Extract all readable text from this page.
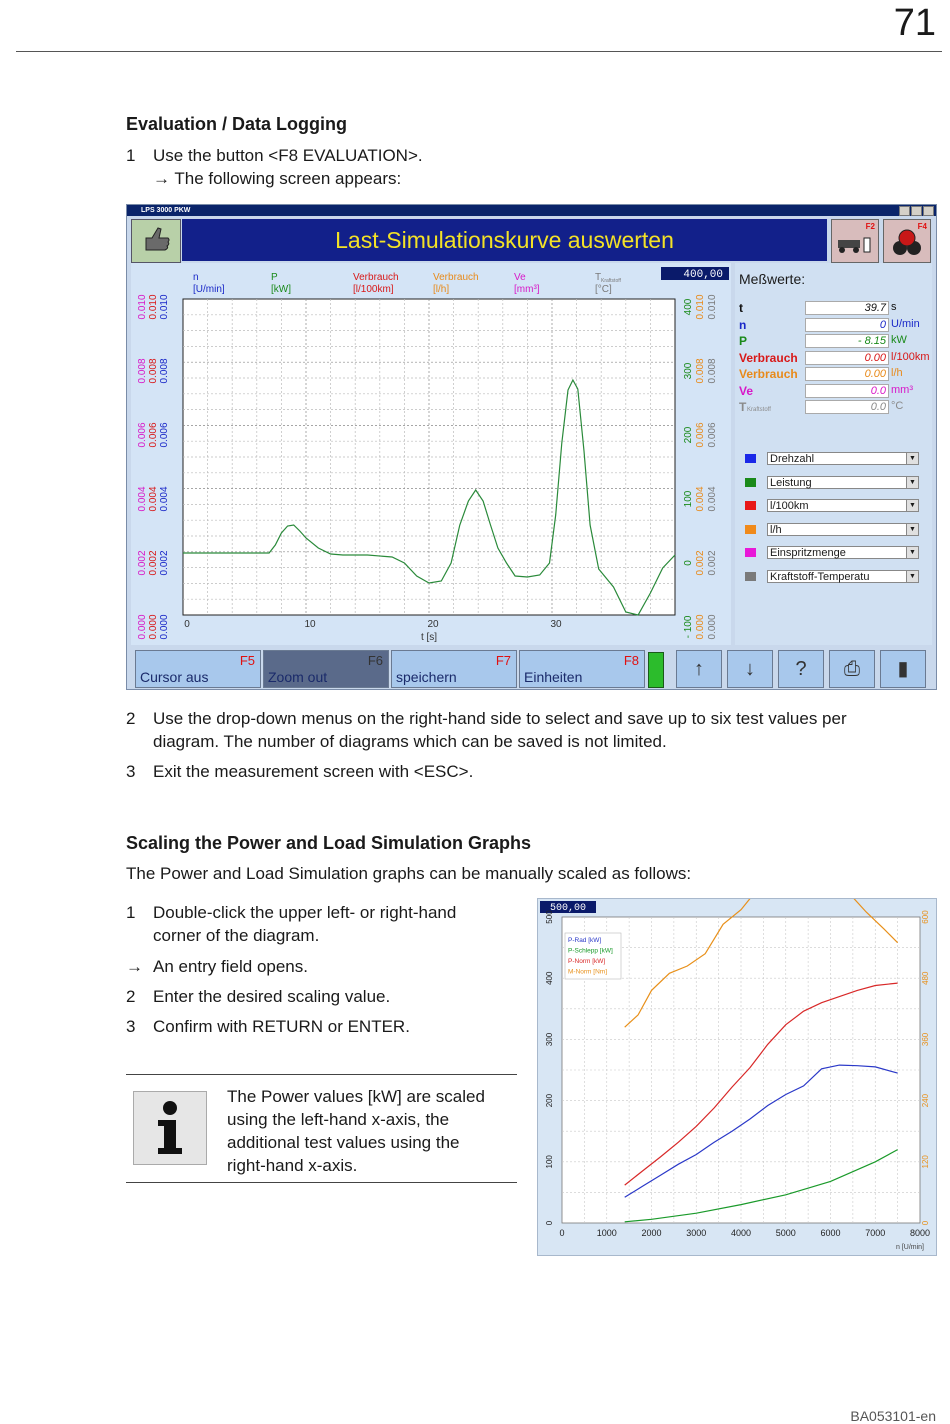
71
Evaluation / Data Logging
1	Use the button <F8 EVALUATION>.
→ The following screen appears:
LPS 3000 PKW
Last-Simulationskurve auswerten
F2	F4
n
[U/min]
P
[kW]
Verbrauch
[l/100km]
Verbrauch
[l/h]
Ve
[mm³]
T Kraftstoff
[°C]
0.010 0.010 0.010
0.008 0.008 0.008
0.006 0.006 0.006
0.004 0.004 0.004
0.002 0.002 0.002
0.000 0.000 0.000
400 0.010 0.010
300 0.008 0.008
200 0.006 0.006
100 0.004 0.004
0 0.002 0.002
- 100 0.000 0.000
0	10	20	30
400,00
t [s]
Meßwerte:
t	39.7 s
n	0 U/min
P	- 8.15 kW
Verbrauch	0.00 l/100km
Verbrauch	0.00 l/h
Ve	0.0 mm³
T Kraftstoff	0.0 °C
Drehzahl	▼
Leistung	▼
l/100km	▼
l/h	▼
Einspritzmenge	▼
Kraftstoff-Temperatu	▼
F5
Cursor aus
F6
Zoom out
F7
speichern
F8
Einheiten	↑	↓	?	⎙	▮
2	Use the drop-down menus on the right-hand side to select and save up to six test values per
diagram. The number of diagrams which can be saved is not limited.
3	Exit the measurement screen with <ESC>.
Scaling the Power and Load Simulation Graphs
The Power and Load Simulation graphs can be manually scaled as follows:
1	Double-click the upper left- or right-hand
corner of the diagram.
→ An entry field opens.
2	Enter the desired scaling value.
3	Confirm with RETURN or ENTER.
The Power values [kW] are scaled
using the left-hand x-axis, the
additional test values using the
right-hand x-axis.
500,00
0	1000	2000	3000	4000	5000	6000	7000	8000
0
100
200
300
400
500
0
120
240
360
480
600
P-Rad [kW]
P-Schlepp [kW]
P-Norm [kW]
M-Norm [Nm]
n [U/min]
BA053101-en
